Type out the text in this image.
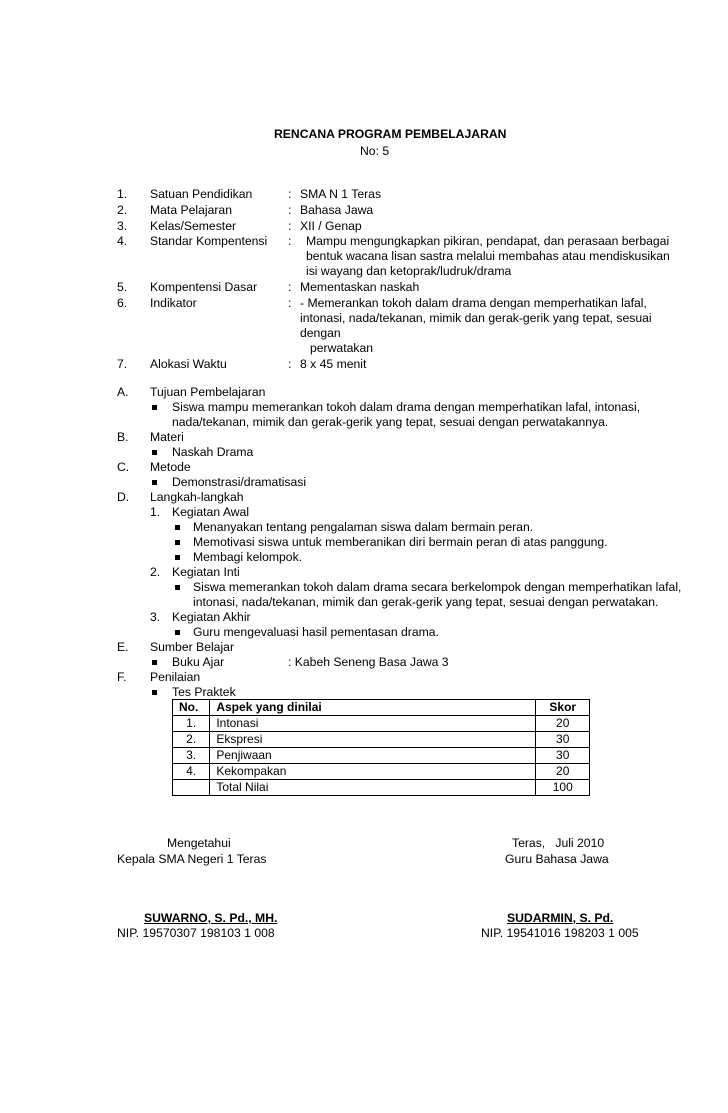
RENCANA PROGRAM PEMBELAJARAN
No: 5
1. Satuan Pendidikan	: SMA N 1 Teras
2. Mata Pelajaran	: Bahasa Jawa
3. Kelas/Semester	: XII / Genap
4. Standar Kompentensi : Mampu mengungkapkan pikiran, pendapat, dan perasaan berbagai
bentuk wacana lisan sastra melalui membahas atau mendiskusikan
isi wayang dan ketoprak/ludruk/drama
5. Kompentensi Dasar	: Mementaskan naskah
6. Indikator	: - Memerankan tokoh dalam drama dengan memperhatikan lafal,
intonasi, nada/tekanan, mimik dan gerak-gerik yang tepat, sesuai
dengan
perwatakan
7. Alokasi Waktu	: 8 x 45 menit
A. Tujuan Pembelajaran
Siswa mampu memerankan tokoh dalam drama dengan memperhatikan lafal, intonasi,
nada/tekanan, mimik dan gerak-gerik yang tepat, sesuai dengan perwatakannya.
B. Materi
Naskah Drama
C. Metode
Demonstrasi/dramatisasi
D. Langkah-langkah
1. Kegiatan Awal
Menanyakan tentang pengalaman siswa dalam bermain peran.
Memotivasi siswa untuk memberanikan diri bermain peran di atas panggung.
Membagi kelompok.
2. Kegiatan Inti
Siswa memerankan tokoh dalam drama secara berkelompok dengan memperhatikan lafal,
intonasi, nada/tekanan, mimik dan gerak-gerik yang tepat, sesuai dengan perwatakan.
3. Kegiatan Akhir
Guru mengevaluasi hasil pementasan drama.
E. Sumber Belajar
Buku Ajar	: Kabeh Seneng Basa Jawa 3
F. Penilaian
Tes Praktek
No.	Aspek yang dinilai	Skor
1.	Intonasi	20
2.	Ekspresi	30
3.	Penjiwaan	30
4.	Kekompakan	20
	Total Nilai	100
Mengetahui
Kepala SMA Negeri 1 Teras
SUWARNO, S. Pd., MH.
NIP. 19570307 198103 1 008
Teras,   Juli 2010
Guru Bahasa Jawa
SUDARMIN, S. Pd.
NIP. 19541016 198203 1 005
